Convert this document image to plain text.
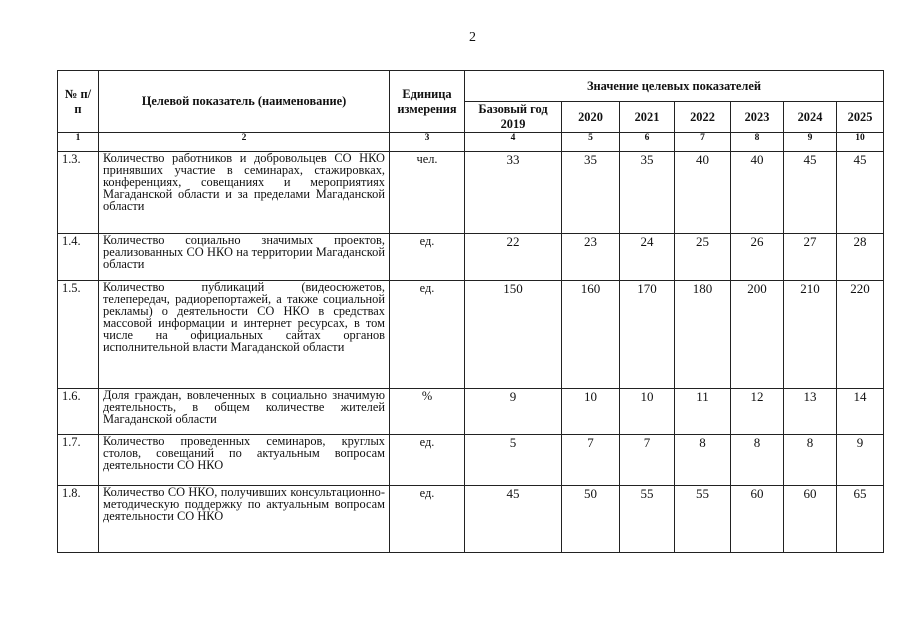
2
№ п/п	Целевой показатель (наименование)	Единица измерения	Значение целевых показателей						
			Базовый год 2019	2020	2021	2022	2023	2024	2025
1	2	3	4	5	6	7	8	9	10
1.3.	Количество работников и добровольцев СО НКО принявших участие в семинарах, стажировках, конференциях, совещаниях и мероприятиях Магаданской области и за пределами Магаданской области	чел.	33	35	35	40	40	45	45
1.4.	Количество социально значимых проектов, реализованных СО НКО на территории Магаданской области	ед.	22	23	24	25	26	27	28
1.5.	Количество публикаций (видеосюжетов, телепередач, радиорепортажей, а также социальной рекламы) о деятельности СО НКО в средствах массовой информации и интернет ресурсах, в том числе на официальных сайтах органов исполнительной власти Магаданской области	ед.	150	160	170	180	200	210	220
1.6.	Доля граждан, вовлеченных в социально значимую деятельность, в общем количестве жителей Магаданской области	%	9	10	10	11	12	13	14
1.7.	Количество проведенных семинаров, круглых столов, совещаний по актуальным вопросам деятельности СО НКО	ед.	5	7	7	8	8	8	9
1.8.	Количество СО НКО, получивших консультационно-методическую поддержку по актуальным вопросам деятельности СО НКО	ед.	45	50	55	55	60	60	65
